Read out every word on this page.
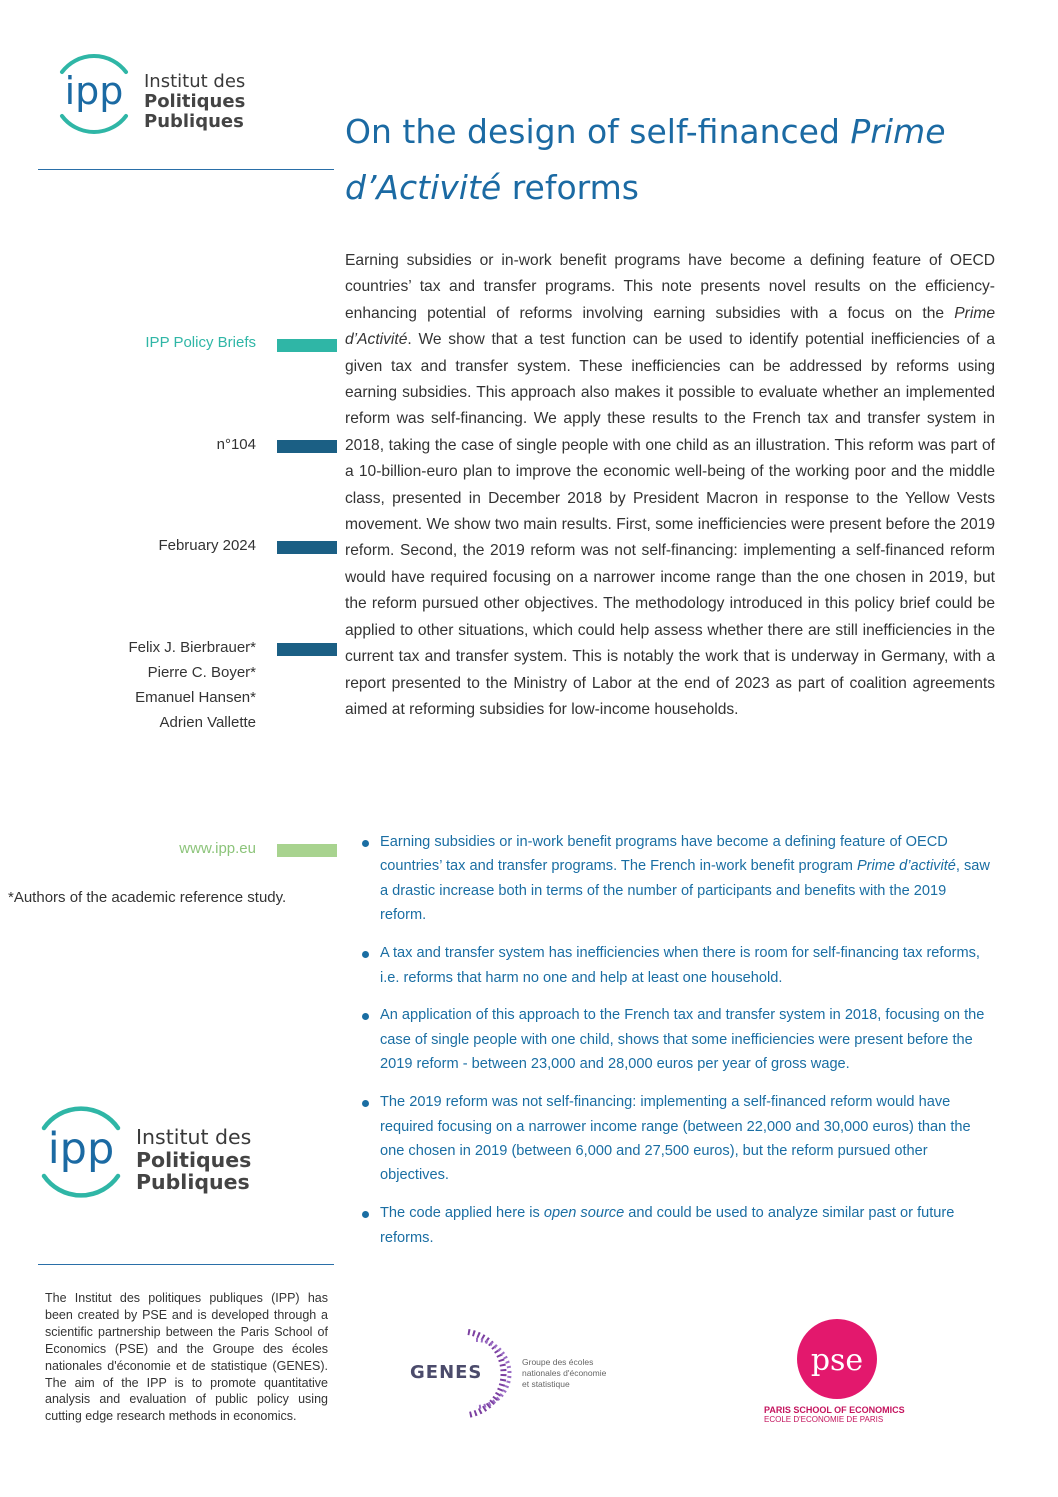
ipp Institut des
Politiques Publiques	On the design of self-financed Prime
d’Activité reforms
IPP Policy Briefs
n°104
February 2024
Felix J. Bierbrauer*
Pierre C. Boyer*
Emanuel Hansen*
Adrien Vallette
www.ipp.eu
*Authors of the academic reference study.
Earning subsidies or in-work benefit programs have become a defining feature of OECD countries’ tax and transfer programs. This note presents novel results on the efficiency-enhancing potential of reforms involving earning subsidies with a focus on the Prime d’Activité. We show that a test function can be used to identify potential inefficiencies of a given tax and transfer system. These inefficiencies can be addressed by reforms using earning subsidies. This approach also makes it possible to evaluate whether an implemented reform was self-financing. We apply these results to the French tax and transfer system in 2018, taking the case of single people with one child as an illustration. This reform was part of a 10-billion-euro plan to improve the economic well-being of the working poor and the middle class, presented in December 2018 by President Macron in response to the Yellow Vests movement. We show two main results. First, some inefficiencies were present before the 2019 reform. Second, the 2019 reform was not self-financing: implementing a self-financed reform would have required focusing on a narrower income range than the one chosen in 2019, but the reform pursued other objectives. The methodology introduced in this policy brief could be applied to other situations, which could help assess whether there are still inefficiencies in the current tax and transfer system. This is notably the work that is underway in Germany, with a report presented to the Ministry of Labor at the end of 2023 as part of coalition agreements aimed at reforming subsidies for low-income households.
Earning subsidies or in-work benefit programs have become a defining feature of OECD countries’ tax and transfer programs. The French in-work benefit program Prime d’activité, saw a drastic increase both in terms of the number of participants and benefits with the 2019 reform.
A tax and transfer system has inefficiencies when there is room for self-financing tax reforms, i.e. reforms that harm no one and help at least one household.
An application of this approach to the French tax and transfer system in 2018, focusing on the case of single people with one child, shows that some inefficiencies were present before the 2019 reform - between 23,000 and 28,000 euros per year of gross wage.
The 2019 reform was not self-financing: implementing a self-financed reform would have required focusing on a narrower income range (between 22,000 and 30,000 euros) than the one chosen in 2019 (between 6,000 and 27,500 euros), but the reform pursued other objectives.
The code applied here is open source and could be used to analyze similar past or future reforms.
ipp Institut des
Politiques Publiques
The Institut des politiques publiques (IPP) has been created by PSE and is developed through a scientific partnership between the Paris School of Economics (PSE) and the Groupe des écoles nationales d'économie et de statistique (GENES). The aim of the IPP is to promote quantitative analysis and evaluation of public policy using cutting edge research methods in economics.
GENES	Groupe des écoles
nationales d'économie
et statistique
pse
PARIS SCHOOL OF ECONOMICS
ECOLE D'ECONOMIE DE PARIS
